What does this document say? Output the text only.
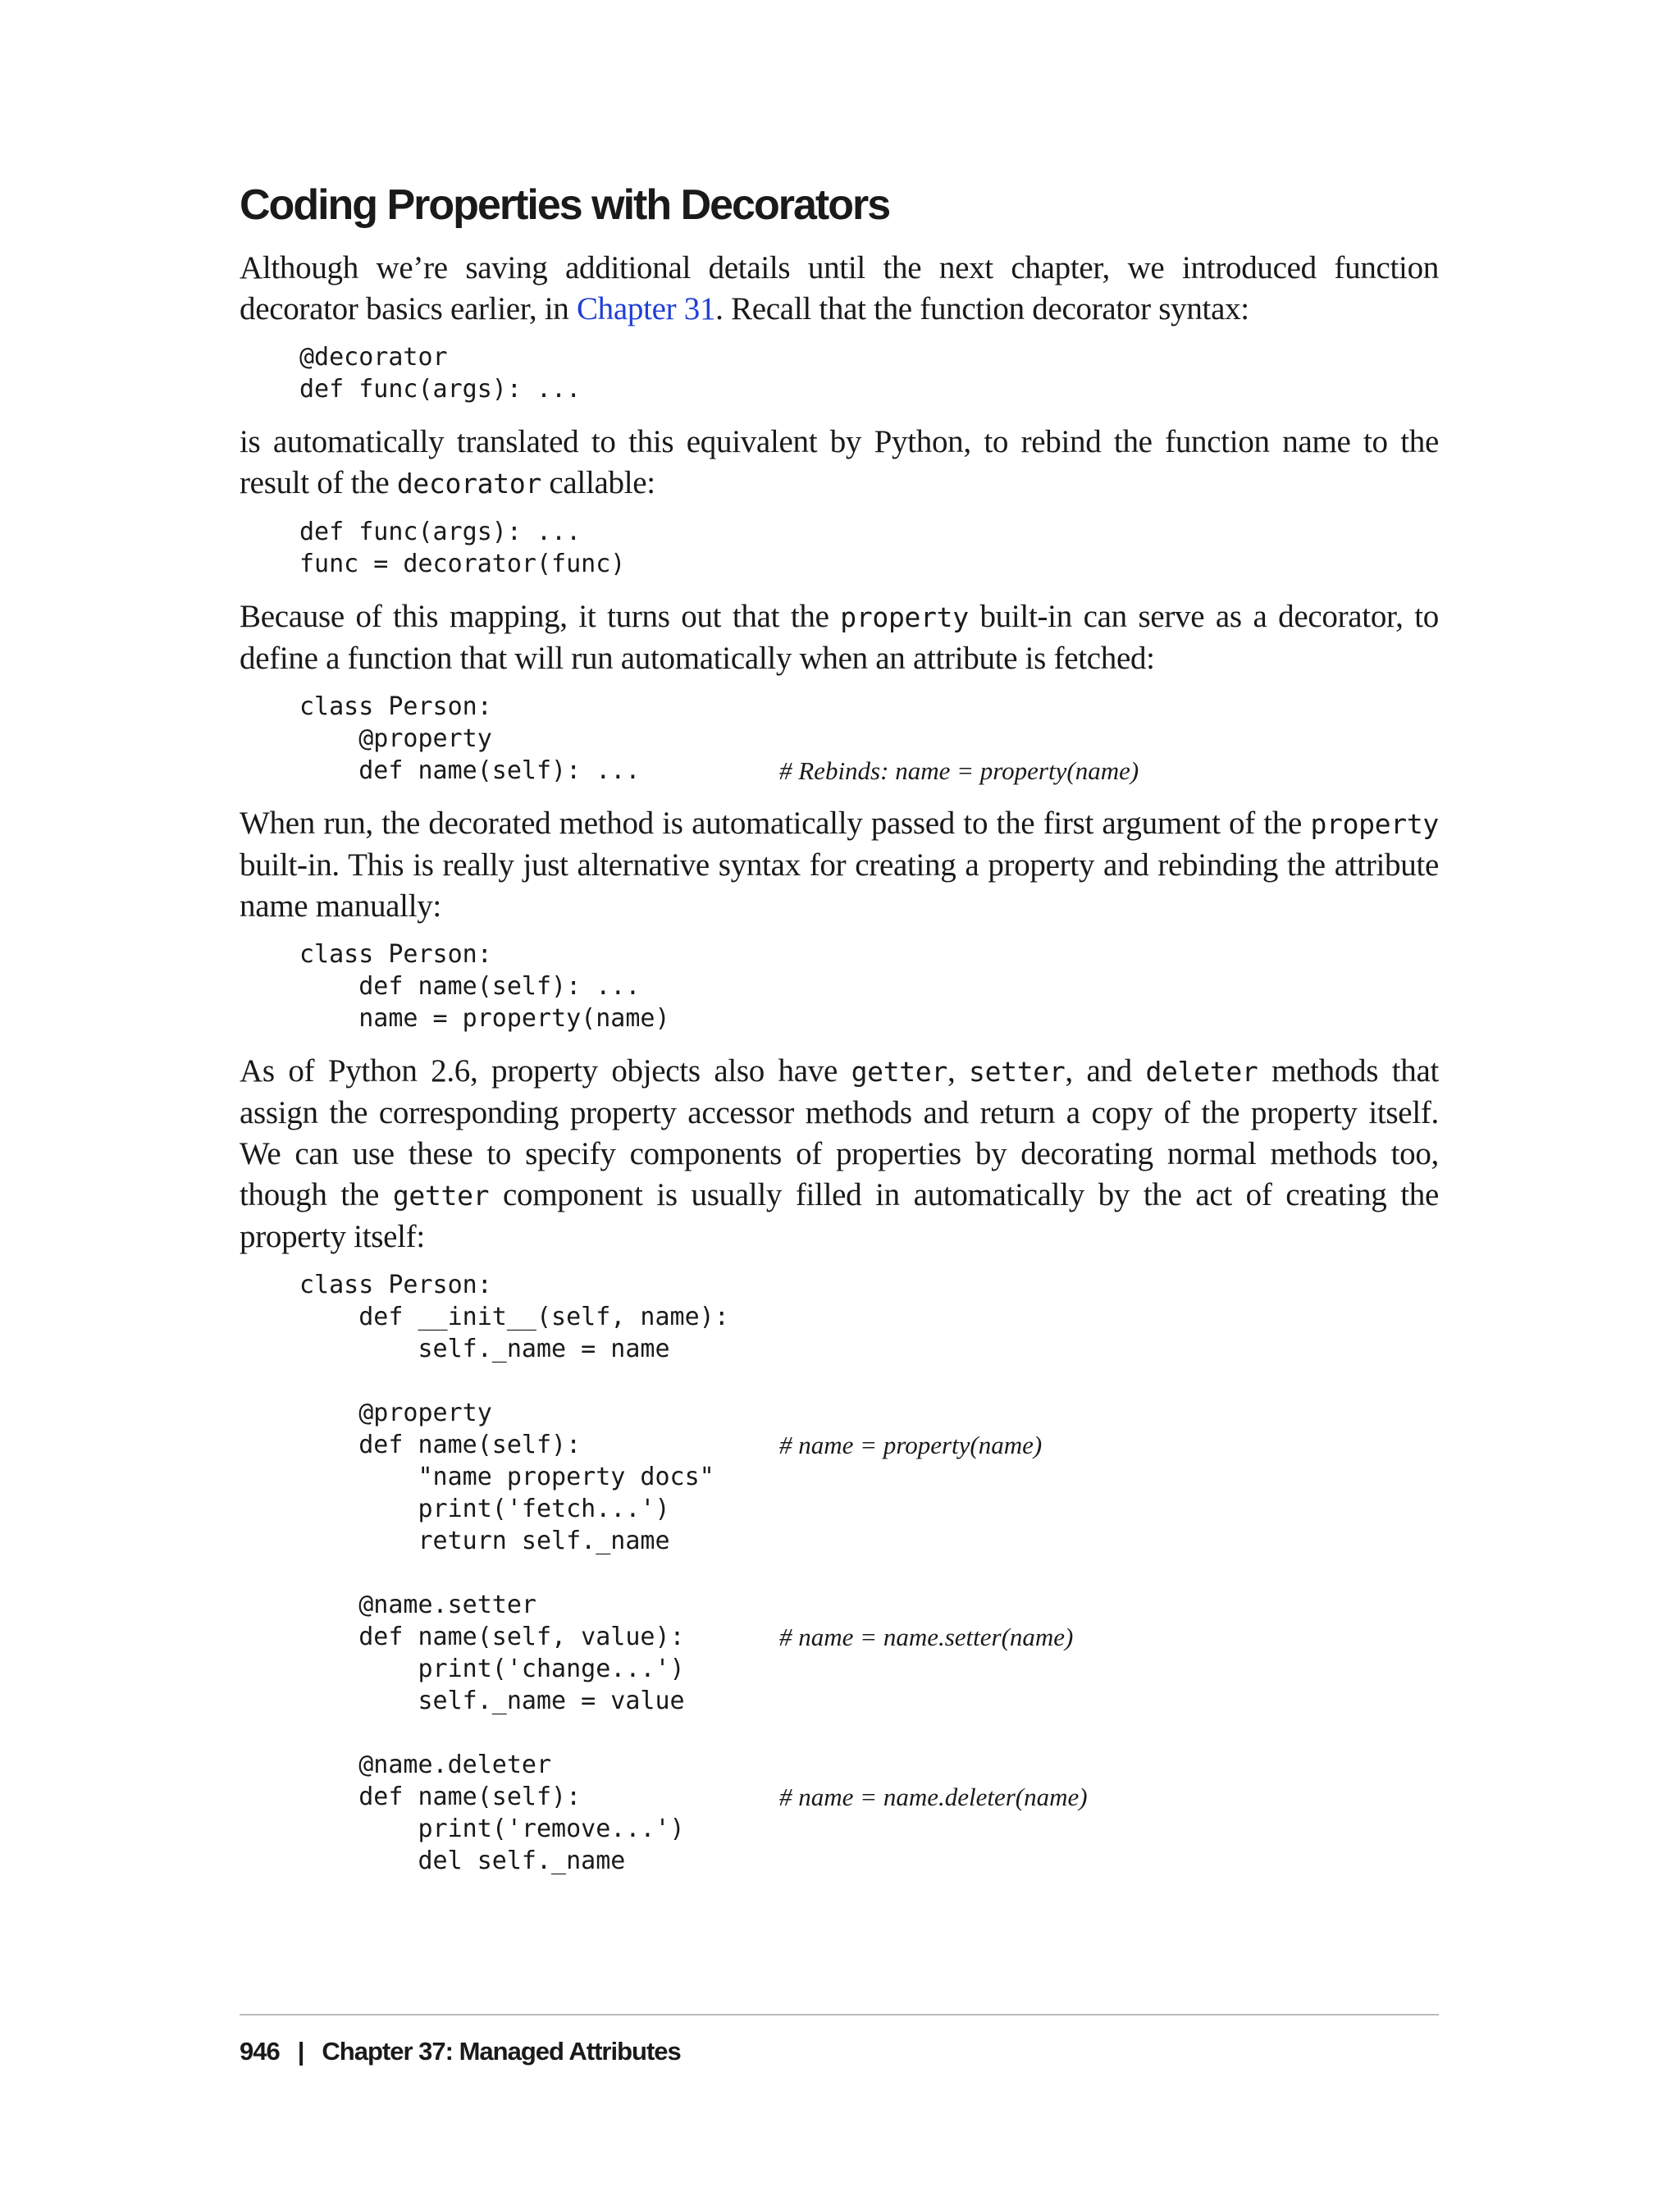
Coding Properties with Decorators

Although we’re saving additional details until the next chapter, we introduced function decorator basics earlier, in Chapter 31. Recall that the function decorator syntax:

@decorator
def func(args): ...

is automatically translated to this equivalent by Python, to rebind the function name to the result of the decorator callable:

def func(args): ...
func = decorator(func)

Because of this mapping, it turns out that the property built-in can serve as a decorator, to define a function that will run automatically when an attribute is fetched:

class Person:
@property
def name(self): ...	# Rebinds: name = property(name)

When run, the decorated method is automatically passed to the first argument of the property built-in. This is really just alternative syntax for creating a property and rebinding the attribute name manually:

class Person:
def name(self): ...
name = property(name)

As of Python 2.6, property objects also have getter, setter, and deleter methods that assign the corresponding property accessor methods and return a copy of the property itself. We can use these to specify components of properties by decorating normal methods too, though the getter component is usually filled in automatically by the act of creating the property itself:

class Person:
def __init__(self, name):
self._name = name
@property
def name(self):	# name = property(name)
"name property docs"
print('fetch...')
return self._name
@name.setter
def name(self, value):	# name = name.setter(name)
print('change...')
self._name = value
@name.deleter
def name(self):	# name = name.deleter(name)
print('remove...')
del self._name
946 | Chapter 37: Managed Attributes
